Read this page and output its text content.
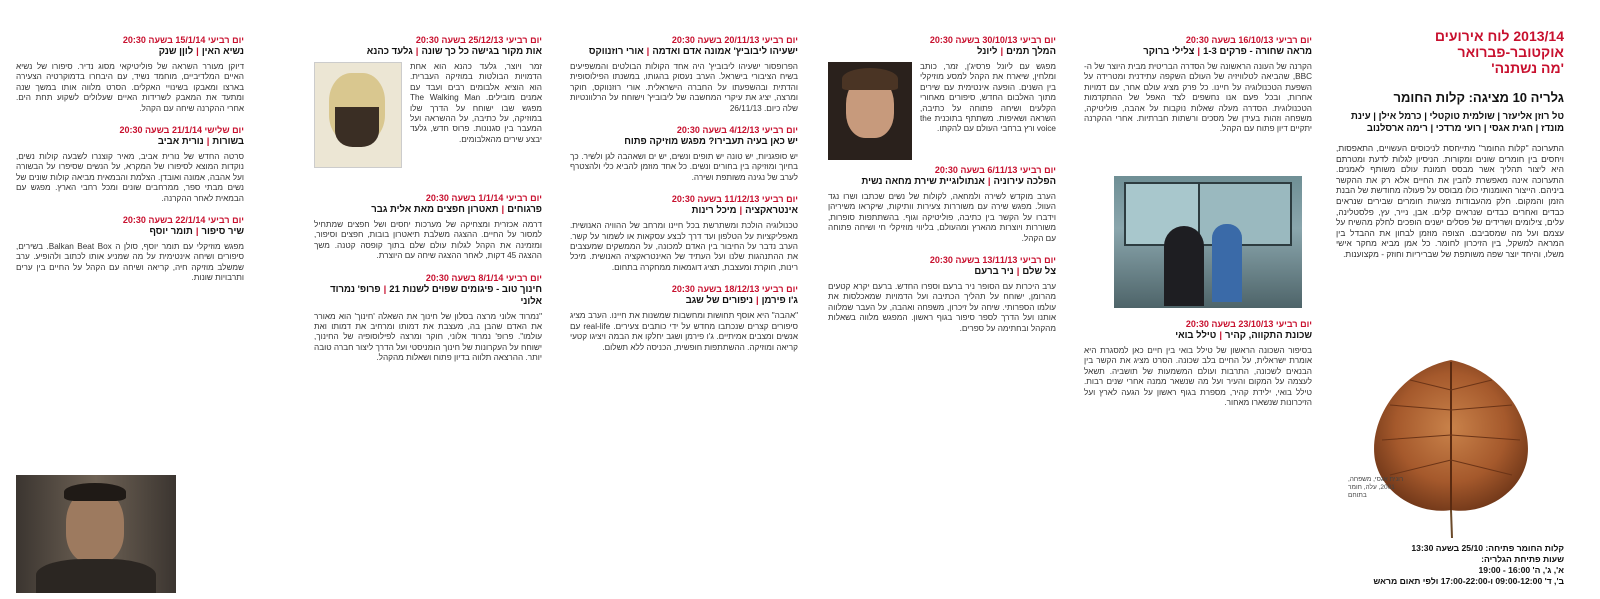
2013/14 לוח אירועים אוקטובר-פברואר

'מה נשתנה'

גלריה 10 מציגה: קלות החומר

טל רוזן אליעזר | שולמית טוקטלי | כרמל אילן | עינת מונדז | חגית אגסי | רועי מרדכי | רימה ארסלנוב

התערוכה "קלות החומר" מתייחסת לניכוסים העשויים, התאפסות, ויחסים בין חומרים שונים ומקורות. הניסיון לגלות לדעת ומטרתם היא ליצור תהליך אשר מבסס תמונת עולם משותף לאמנים. התערוכה אינה מאפשרת להבין את החיים אלא רק את ההקשר ביניהם. הייצור האומנותי כולו מבוסס על פעולה מחודשת של הבנת הזמן והמקום. חלק מהעבודות מציגות חומרים שבירים שנראים כבדים ואחרים כבדים שנראים קלים. אבן, נייר, עץ, פלסטלינה, עלים, צילומים ושרידים של פסלים ישנים הופכים לחלק מהשיח על עצמם ועל מה שמסביבם. הצופה מוזמן לבחון את ההבדל בין המראה למשקל, בין הזיכרון לחומר. כל אמן מביא מחקר אישי משלו, והיחד יוצר שפה משותפת של שבריריות וחוזק - מקצוענות.

רונית אגסי, משפחה,
2001, עלה, חומר
בתוחם
קלות החומר פתיחה: 25/10 בשעה 13:30
שעות פתיחת הגלריה:
א', ג', ה' 16:00 - 19:00
ב', ד' 09:00-12:00 ו-17:00-22:00 ולפי תאום מראש

יום רביעי 16/10/13 בשעה 20:30

מראה שחורה - פרקים 1-3|צלילי ברוקר

הקרנה של העונה הראשונה של הסדרה הבריטית מבית היוצר של ה-BBC, שהביאה לטלוויזיה של העולם השקפה עתידנית ומטרידה על השפעת הטכנולוגיה על חיינו. כל פרק מציג עולם אחר, עם דמויות אחרות, ובכל פעם אנו נחשפים לצד האפל של ההתקדמות הטכנולוגית. הסדרה מעלה שאלות נוקבות על אהבה, פוליטיקה, משפחה וזהות בעידן של מסכים ורשתות חברתיות. אחרי ההקרנה יתקיים דיון פתוח עם הקהל.

יום רביעי 23/10/13 בשעה 20:30

שכונת התקווה, קהיר|טילל בואי

בסיפור השכונה הראשון של טילל בואי בין חיים כאן למסגרת היא אומרת ישראלית, על החיים בלב שכונה. הסרט מציג את הקשר בין הבנאים לשכונה, התרבות ועולם המשמעות של תושביה. תשאל לעצמה על המקום והעיר ועל מה שנשאר ממנה אחרי שנים רבות. טילל בואי, ילידת קהיר, מספרת בגוף ראשון על הגעה לארץ ועל הזיכרונות שנשארו מאחור.

יום רביעי 30/10/13 בשעה 20:30

המלך תמים|ליונל

מפגש עם ליונל פרסיג'ן, זמר, כותב ומלחין, שיארח את הקהל למסע מוזיקלי בין השנים. הופעה אינטימית עם שירים מתוך האלבום החדש, סיפורים מאחורי הקלעים ושיחה פתוחה על כתיבה, השראה ושאיפות. משתתף בתוכנית the voice ורץ ברחבי העולם עם להקתו.

יום רביעי 6/11/13 בשעה 20:30

הפלכה עירוניה|אנתולוגיית שירת מחאה נשית

הערב מוקדש לשירה ולמחאה, לקולות של נשים שכתבו ושרו נגד העוול. מפגש שירה עם משוררות צעירות וותיקות, שיקראו משיריהן וידברו על הקשר בין כתיבה, פוליטיקה וגוף. בהשתתפות סופרות, משוררות ויוצרות מהארץ ומהעולם, בליווי מוזיקלי חי ושיחה פתוחה עם הקהל.

יום רביעי 13/11/13 בשעה 20:30

צל שלם|ניר ברעם

ערב היכרות עם הסופר ניר ברעם וספרו החדש. ברעם יקרא קטעים מהרומן, ישוחח על תהליך הכתיבה ועל הדמויות שמאכלסות את עולמו הספרותי. שיחה על זיכרון, משפחה ואהבה, על העבר שמלווה אותנו ועל הדרך לספר סיפור בגוף ראשון. המפגש מלווה בשאלות מהקהל ובחתימה על ספרים.

יום רביעי 20/11/13 בשעה 20:30

ישעיהו ליבוביץ' אמונה אדם ואדמה|אורי רוזנווקס

הפרופסור ישעיהו ליבוביץ' היה אחד הקולות הבולטים והמשפיעים בשיח הציבורי בישראל. הערב נעסוק בהגותו, במשנתו הפילוסופית והדתית ובהשפעתו על החברה הישראלית. אורי רוזנווקס, חוקר ומרצה, יציג את עיקרי המחשבה של ליבוביץ' וישוחח על הרלוונטיות שלה כיום. 26/11/13

יום רביעי 4/12/13 בשעה 20:30

יש כאן בעיה תעבירו? מפגש מוזיקה פתוח

יש סופגניות, יש טונה יש תופים ונשים, יש ים ושאהבה לגן ולשיר. כך בחיוך ומוזיקה בין בחורים ונשים. כל אחד מוזמן להביא כלי ולהצטרף לערב של נגינה משותפת ושירה.

יום רביעי 11/12/13 בשעה 20:30

אינטראקציה|מיכל רינות

טכנולוגיה הולכת ומשתרשת בכל חיינו ומרחב של ההוויה האנושית. מאפליקציות על הטלפון ועד דרך לבצע עסקאות או לשמור על קשר. הערב נדבר על החיבור בין האדם למכונה, על הממשקים שמעצבים את ההתנהגות שלנו ועל העתיד של האינטראקציה האנושית. מיכל רינות, חוקרת ומעצבת, תציג דוגמאות ממחקרה בתחום.

יום רביעי 18/12/13 בשעה 20:30

ג'ו פירמן|ניפורים של שגב

"אהבה" היא אוסף תחושות ומחשבות שמשנות את חיינו. הערב מציג סיפורים קצרים שנכתבו מחדש על ידי כותבים צעירים. real-life עם אנשים ומצבים אמיתיים. ג'ו פירמן ושגב יחלקו את הבמה ויציגו קטעי קריאה ומוזיקה. ההשתתפות חופשית, הכניסה ללא תשלום.

יום רביעי 25/12/13 בשעה 20:30

אות מקור בגישה כל כך שונה|גלעד כהנא

זמר ויוצר, גלעד כהנא הוא אחת הדמויות הבולטות במוזיקה העברית. הוא הוציא אלבומים רבים ועבד עם אמנים מובילים. The Walking Man מפגש שבו ישוחח על הדרך שלו במוזיקה, על כתיבה, על ההשראה ועל המעבר בין סגנונות. פרוס חדש, גלעד יבצע שירים מהאלבומים.

יום רביעי 1/1/14 בשעה 20:30

פרגוחים|תאטרון חפצים מאת אלית גבר

דרמה אכזרית ומצחיקה של מערכות יחסים ושל חפצים שמתחיל למסור על החיים. ההצגה משלבת תיאטרון בובות, חפצים וסיפור, ומזמינה את הקהל לגלות עולם שלם בתוך קופסה קטנה. משך ההצגה 45 דקות, לאחר ההצגה שיחה עם היוצרת.

יום רביעי 8/1/14 בשעה 20:30

חינוך טוב - פיגומים שפוים לשנות 21|פרופ' נמרוד אלוני

"נמרוד אלוני מרצה בסלון של חינוך את השאלה 'חינוך' הוא מאורר את האדם שהבן בה, מעצבת את דמותו ומרחיב את דמותו ואת עולמו". פרופ' נמרוד אלוני, חוקר ומרצה לפילוסופיה של החינוך, ישוחח על העקרונות של חינוך הומניסטי ועל הדרך ליצור חברה טובה יותר. ההרצאה תלווה בדיון פתוח ושאלות מהקהל.

יום רביעי 15/1/14 בשעה 20:30

נשיא האין|לוןן שנק

דיוקן מעורר השראה של פוליטיקאי מסוג נדיר. סיפורו של נשיא האיים המלדיביים, מוחמד נשיד, עם היבחרו בדמוקרטיה הצעירה בארצו ומאבקו בשינויי האקלים. הסרט מלווה אותו במשך שנה ומתעד את המאבק לשרידות האיים שעלולים לשקוע תחת הים. אחרי ההקרנה שיחה עם הקהל.

יום שלישי 21/1/14 בשעה 20:30

בשורות|נורית אביב

סרטה החדש של נורית אביב, מאיר קוצנרו לשבעה קולות נשים, נוקדות המוצא לסיפורו של המקרא, על הנשים שסיפרו על הבשורה ועל אהבה, אמונה ואובדן. הצלמת והבמאית מביאה קולות שונים של נשים מבתי ספר, ממרחבים שונים ומכל רחבי הארץ. מפגש עם הבמאית לאחר ההקרנה.

יום רביעי 22/1/14 בשעה 20:30

שיר סיפור|תומר יוסף

מפגש מוזיקלי עם תומר יוסף, סולן ה Balkan Beat Box. בשירים, סיפורים ושיחה אינטימית על מה שמניע אותו לכתוב ולהופיע. ערב שמשלב מוזיקה חיה, קריאה ושיחה עם הקהל על החיים בין ערים ותרבויות שונות.
